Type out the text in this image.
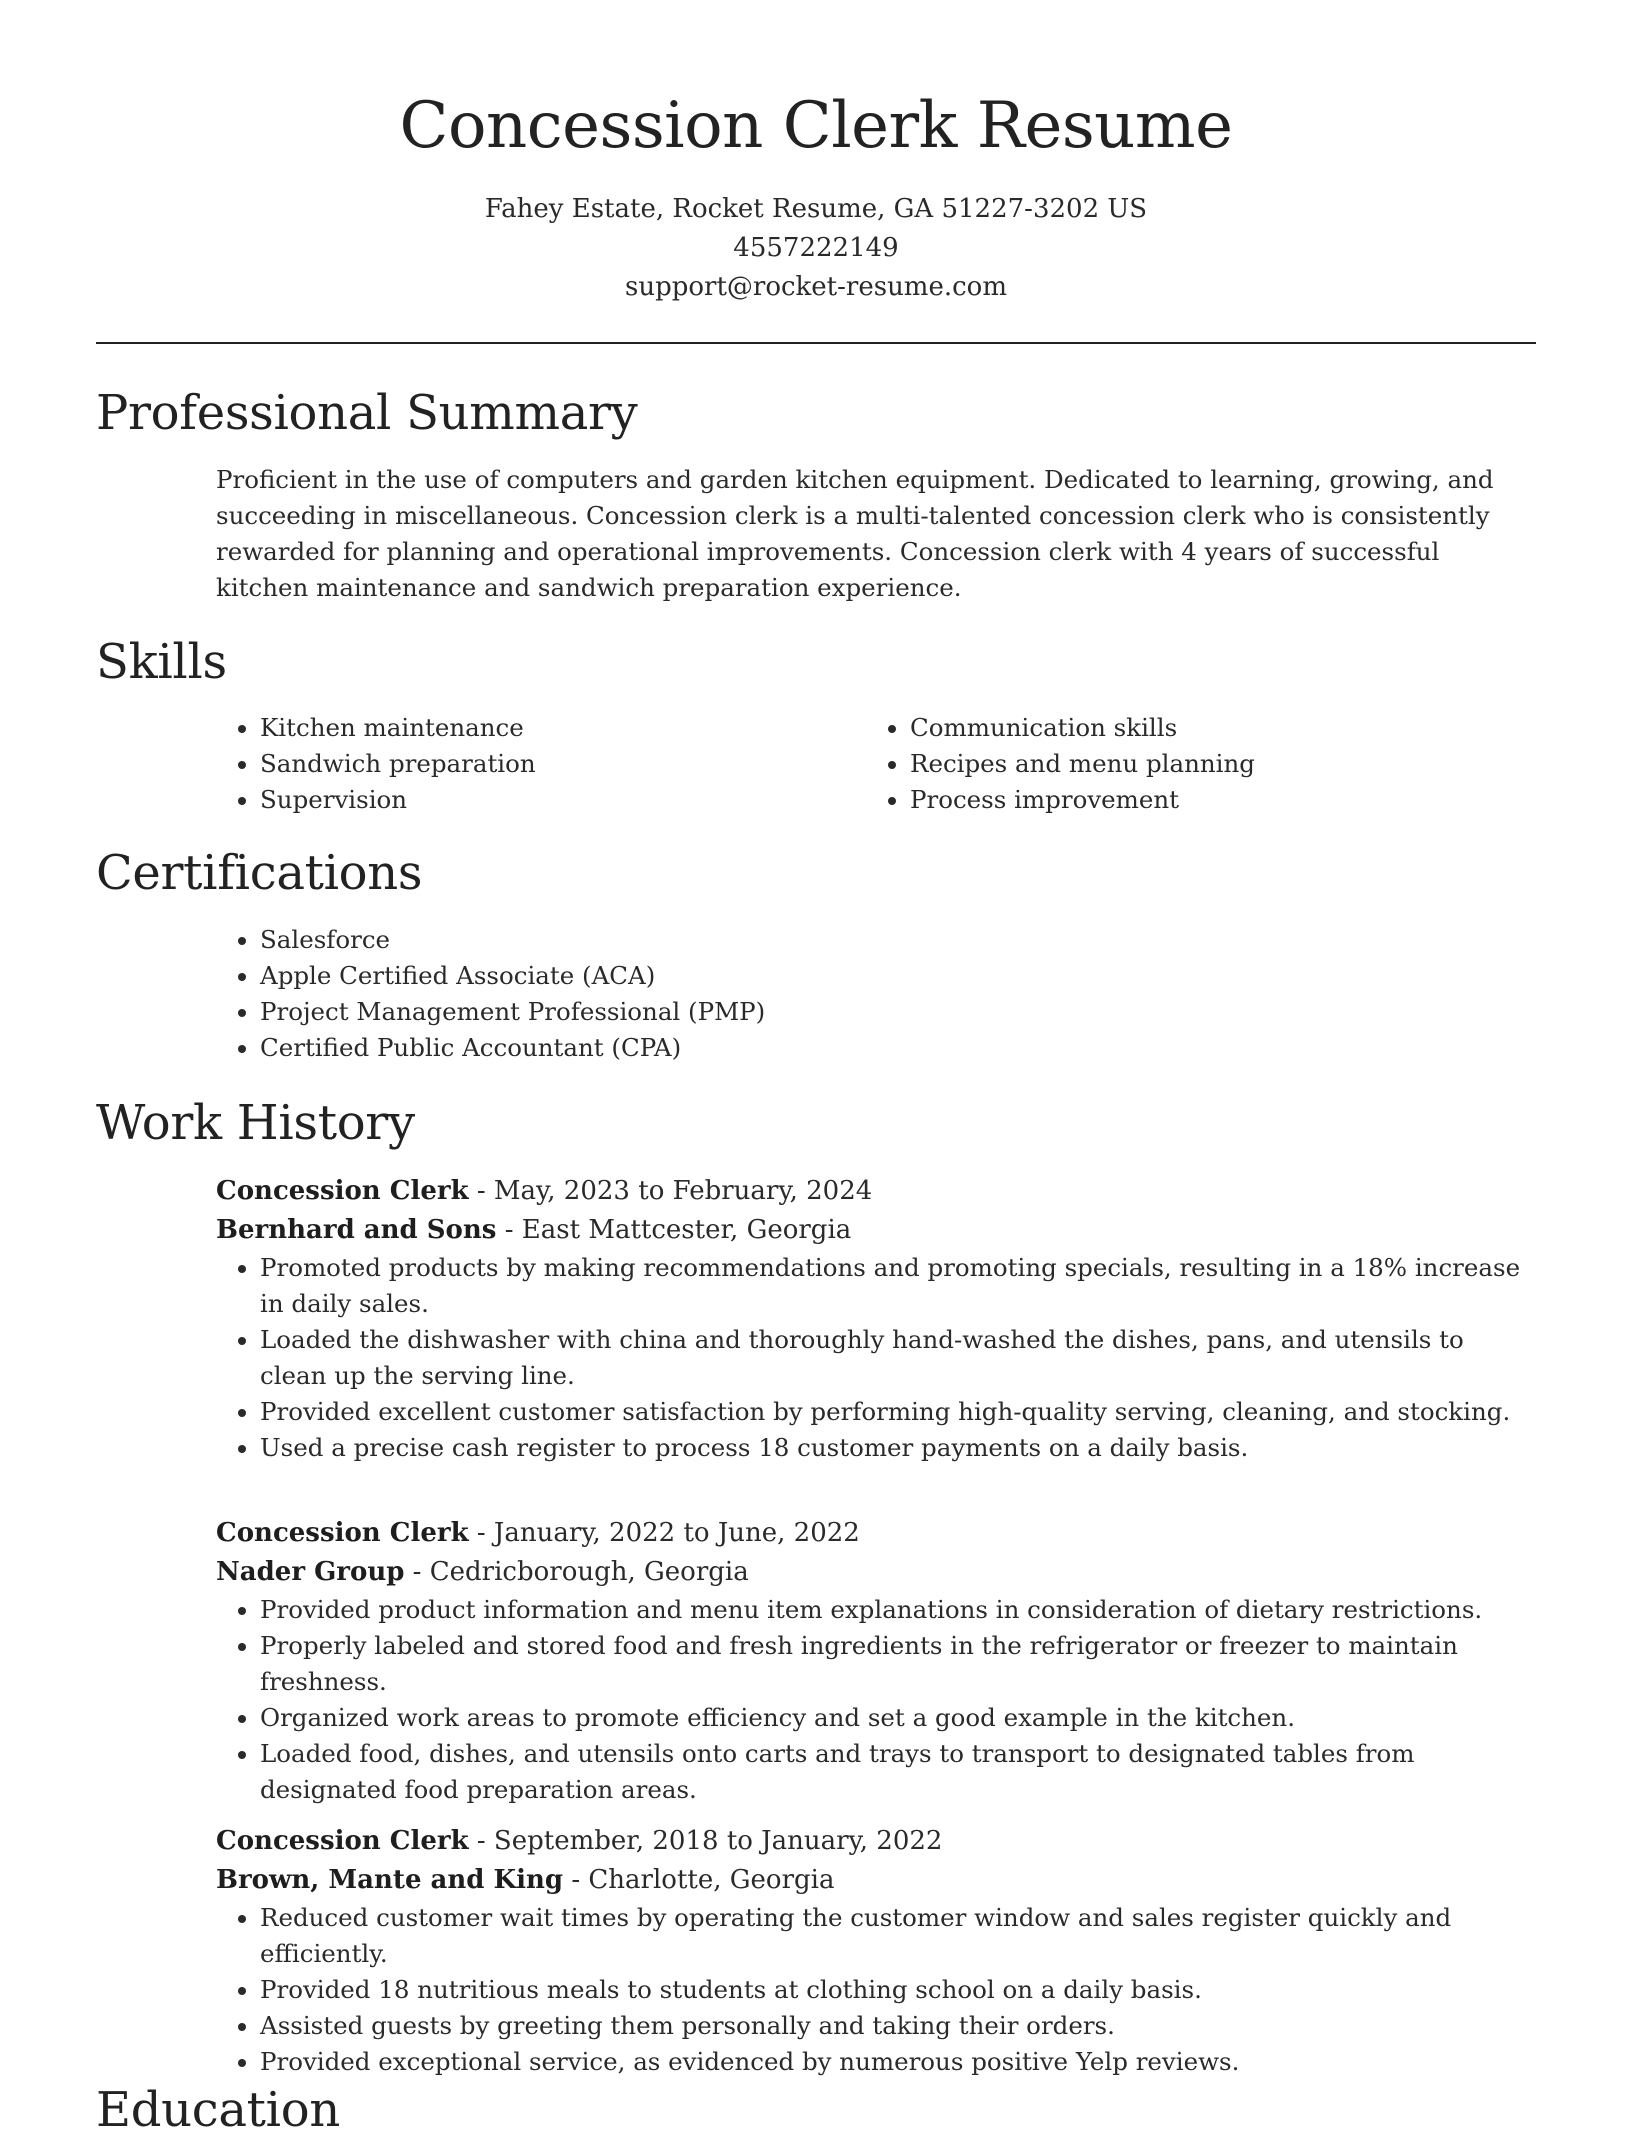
Concession Clerk Resume
Fahey Estate, Rocket Resume, GA 51227-3202 US
4557222149
support@rocket-resume.com
Professional Summary

Proficient in the use of computers and garden kitchen equipment. Dedicated to learning, growing, and succeeding in miscellaneous. Concession clerk is a multi-talented concession clerk who is consistently rewarded for planning and operational improvements. Concession clerk with 4 years of successful kitchen maintenance and sandwich preparation experience.

Skills
• Kitchen maintenance
• Sandwich preparation
• Supervision
• Communication skills
• Recipes and menu planning
• Process improvement
Certifications
• Salesforce
• Apple Certified Associate (ACA)
• Project Management Professional (PMP)
• Certified Public Accountant (CPA)
Work History

Concession Clerk - May, 2023 to February, 2024

Bernhard and Sons - East Mattcester, Georgia

• Promoted products by making recommendations and promoting specials, resulting in a 18% increase in daily sales.
• Loaded the dishwasher with china and thoroughly hand-washed the dishes, pans, and utensils to clean up the serving line.
• Provided excellent customer satisfaction by performing high-quality serving, cleaning, and stocking.
• Used a precise cash register to process 18 customer payments on a daily basis.

Concession Clerk - January, 2022 to June, 2022

Nader Group - Cedricborough, Georgia

• Provided product information and menu item explanations in consideration of dietary restrictions.
• Properly labeled and stored food and fresh ingredients in the refrigerator or freezer to maintain freshness.
• Organized work areas to promote efficiency and set a good example in the kitchen.
• Loaded food, dishes, and utensils onto carts and trays to transport to designated tables from designated food preparation areas.

Concession Clerk - September, 2018 to January, 2022

Brown, Mante and King - Charlotte, Georgia

• Reduced customer wait times by operating the customer window and sales register quickly and efficiently.
• Provided 18 nutritious meals to students at clothing school on a daily basis.
• Assisted guests by greeting them personally and taking their orders.
• Provided exceptional service, as evidenced by numerous positive Yelp reviews.
Education
